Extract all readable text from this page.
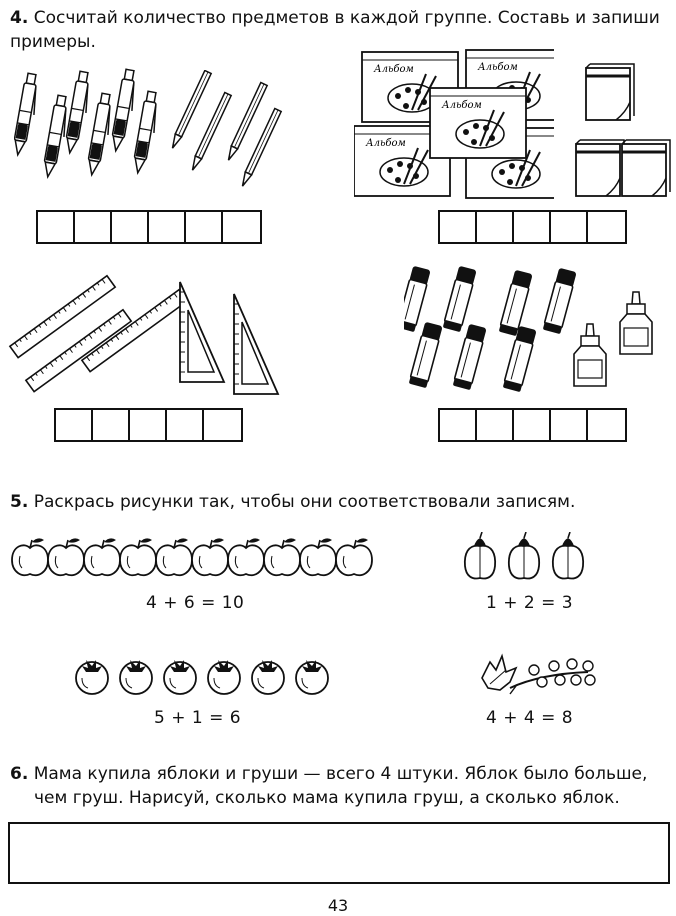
4. Сосчитай количество предметов в каждой группе. Составь и запиши примеры.
Альбом	Альбом
Альбом
Альбом
5. Раскрась рисунки так, чтобы они соответствовали записям.
4 + 6 = 10	1 + 2 = 3
5 + 1 = 6	4 + 4 = 8
6. Мама купила яблоки и груши — всего 4 штуки. Яблок было больше,
чем груш. Нарисуй, сколько мама купила груш, а сколько яблок.
43
